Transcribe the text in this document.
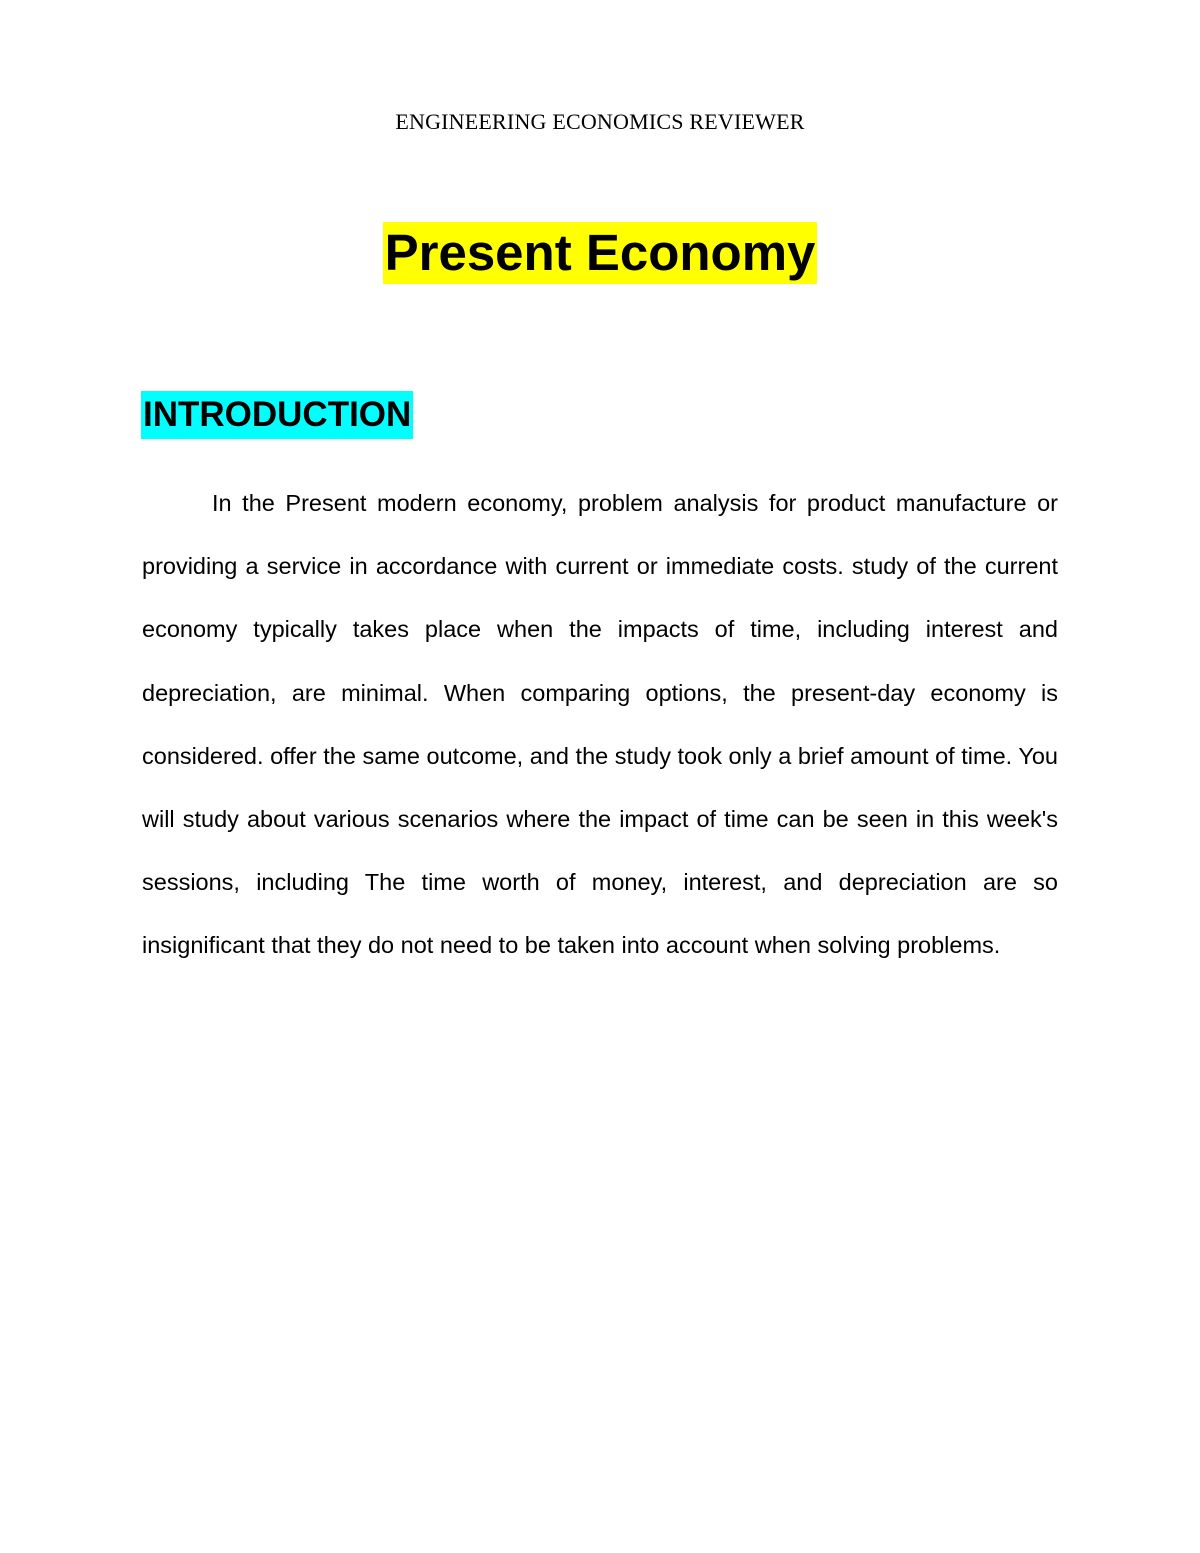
ENGINEERING ECONOMICS REVIEWER
Present Economy
INTRODUCTION

In the Present modern economy, problem analysis for product manufacture or providing a service in accordance with current or immediate costs. study of the current economy typically takes place when the impacts of time, including interest and depreciation, are minimal. When comparing options, the present-day economy is considered. offer the same outcome, and the study took only a brief amount of time. You will study about various scenarios where the impact of time can be seen in this week's sessions, including The time worth of money, interest, and depreciation are so insignificant that they do not need to be taken into account when solving problems.
